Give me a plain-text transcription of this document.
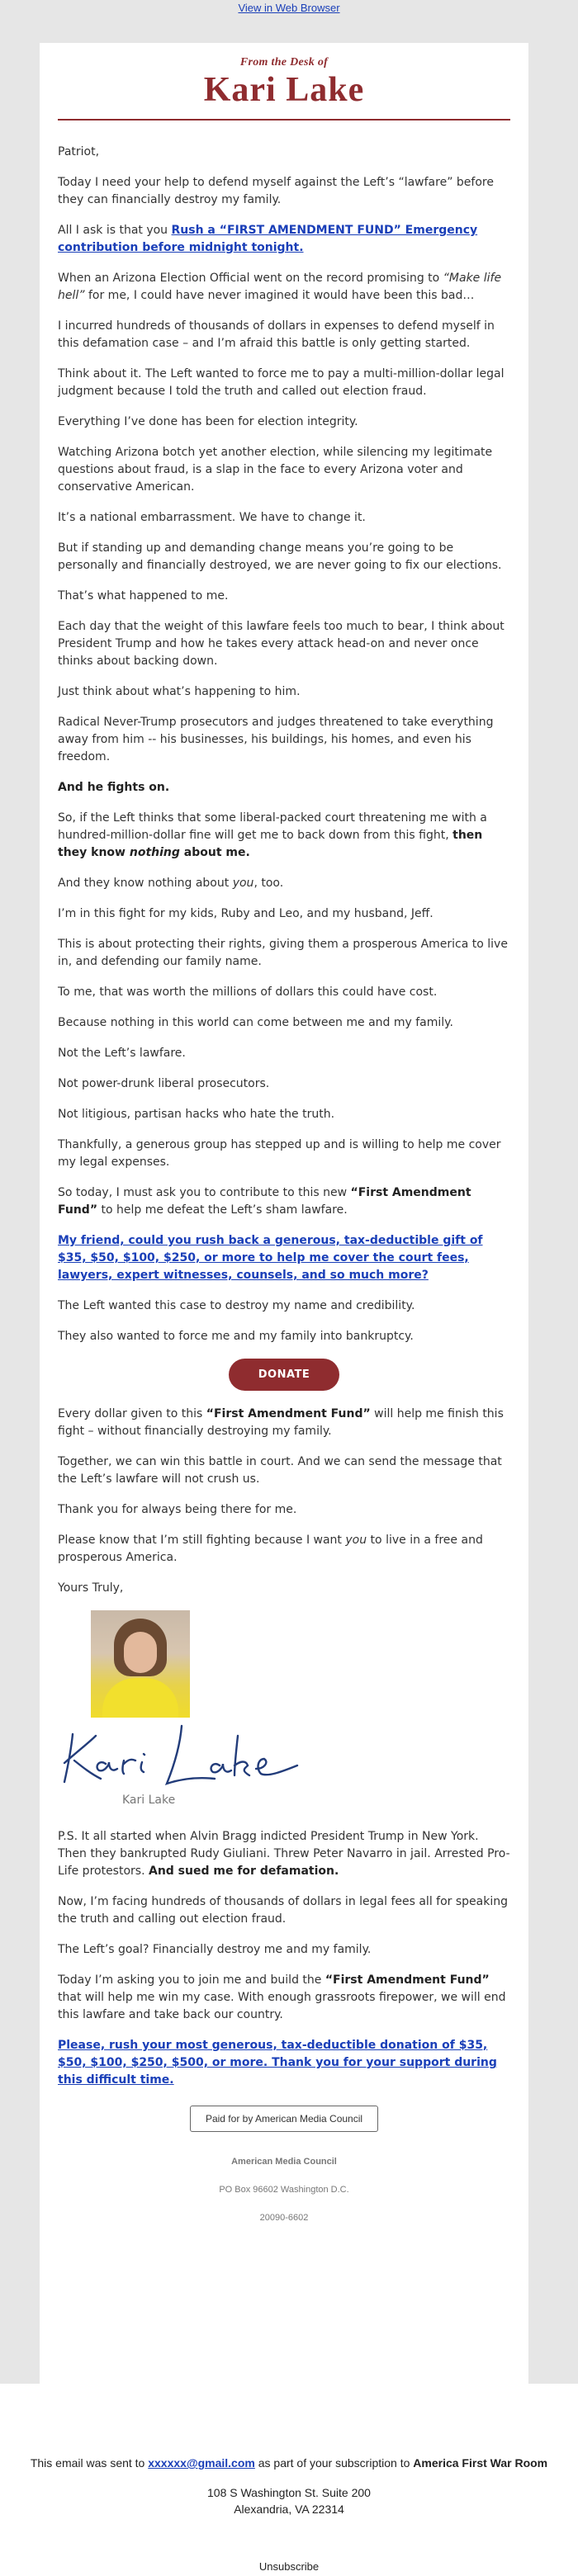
View in Web Browser
From the Desk of
Kari Lake

Patriot,

Today I need your help to defend myself against the Left’s “lawfare” before they can financially destroy my family.

All I ask is that you Rush a “FIRST AMENDMENT FUND” Emergency contribution before midnight tonight.

When an Arizona Election Official went on the record promising to “Make life hell” for me, I could have never imagined it would have been this bad…

I incurred hundreds of thousands of dollars in expenses to defend myself in this defamation case – and I’m afraid this battle is only getting started.

Think about it. The Left wanted to force me to pay a multi-million-dollar legal judgment because I told the truth and called out election fraud.

Everything I’ve done has been for election integrity.

Watching Arizona botch yet another election, while silencing my legitimate questions about fraud, is a slap in the face to every Arizona voter and conservative American.

It’s a national embarrassment. We have to change it.

But if standing up and demanding change means you’re going to be personally and financially destroyed, we are never going to fix our elections.

That’s what happened to me.

Each day that the weight of this lawfare feels too much to bear, I think about President Trump and how he takes every attack head-on and never once thinks about backing down.

Just think about what’s happening to him.

Radical Never-Trump prosecutors and judges threatened to take everything away from him -- his businesses, his buildings, his homes, and even his freedom.

And he fights on.

So, if the Left thinks that some liberal-packed court threatening me with a hundred-million-dollar fine will get me to back down from this fight, then they know nothing about me.

And they know nothing about you, too.

I’m in this fight for my kids, Ruby and Leo, and my husband, Jeff.

This is about protecting their rights, giving them a prosperous America to live in, and defending our family name.

To me, that was worth the millions of dollars this could have cost.

Because nothing in this world can come between me and my family.

Not the Left’s lawfare.

Not power-drunk liberal prosecutors.

Not litigious, partisan hacks who hate the truth.

Thankfully, a generous group has stepped up and is willing to help me cover my legal expenses.

So today, I must ask you to contribute to this new “First Amendment Fund” to help me defeat the Left’s sham lawfare.

My friend, could you rush back a generous, tax-deductible gift of $35, $50, $100, $250, or more to help me cover the court fees, lawyers, expert witnesses, counsels, and so much more?

The Left wanted this case to destroy my name and credibility.

They also wanted to force me and my family into bankruptcy.

DONATE

Every dollar given to this “First Amendment Fund” will help me finish this fight – without financially destroying my family.

Together, we can win this battle in court. And we can send the message that the Left’s lawfare will not crush us.

Thank you for always being there for me.

Please know that I’m still fighting because I want you to live in a free and prosperous America.

Yours Truly,

Kari Lake

P.S. It all started when Alvin Bragg indicted President Trump in New York. Then they bankrupted Rudy Giuliani. Threw Peter Navarro in jail. Arrested Pro-Life protestors. And sued me for defamation.

Now, I’m facing hundreds of thousands of dollars in legal fees all for speaking the truth and calling out election fraud.

The Left’s goal? Financially destroy me and my family.

Today I’m asking you to join me and build the “First Amendment Fund” that will help me win my case. With enough grassroots firepower, we will end this lawfare and take back our country.

Please, rush your most generous, tax-deductible donation of $35, $50, $100, $250, $500, or more. Thank you for your support during this difficult time.

Paid for by American Media Council
American Media Council
PO Box 96602 Washington D.C.
20090-6602
This email was sent to xxxxxx@gmail.com as part of your subscription to America First War Room
108 S Washington St. Suite 200
Alexandria, VA 22314
Unsubscribe
